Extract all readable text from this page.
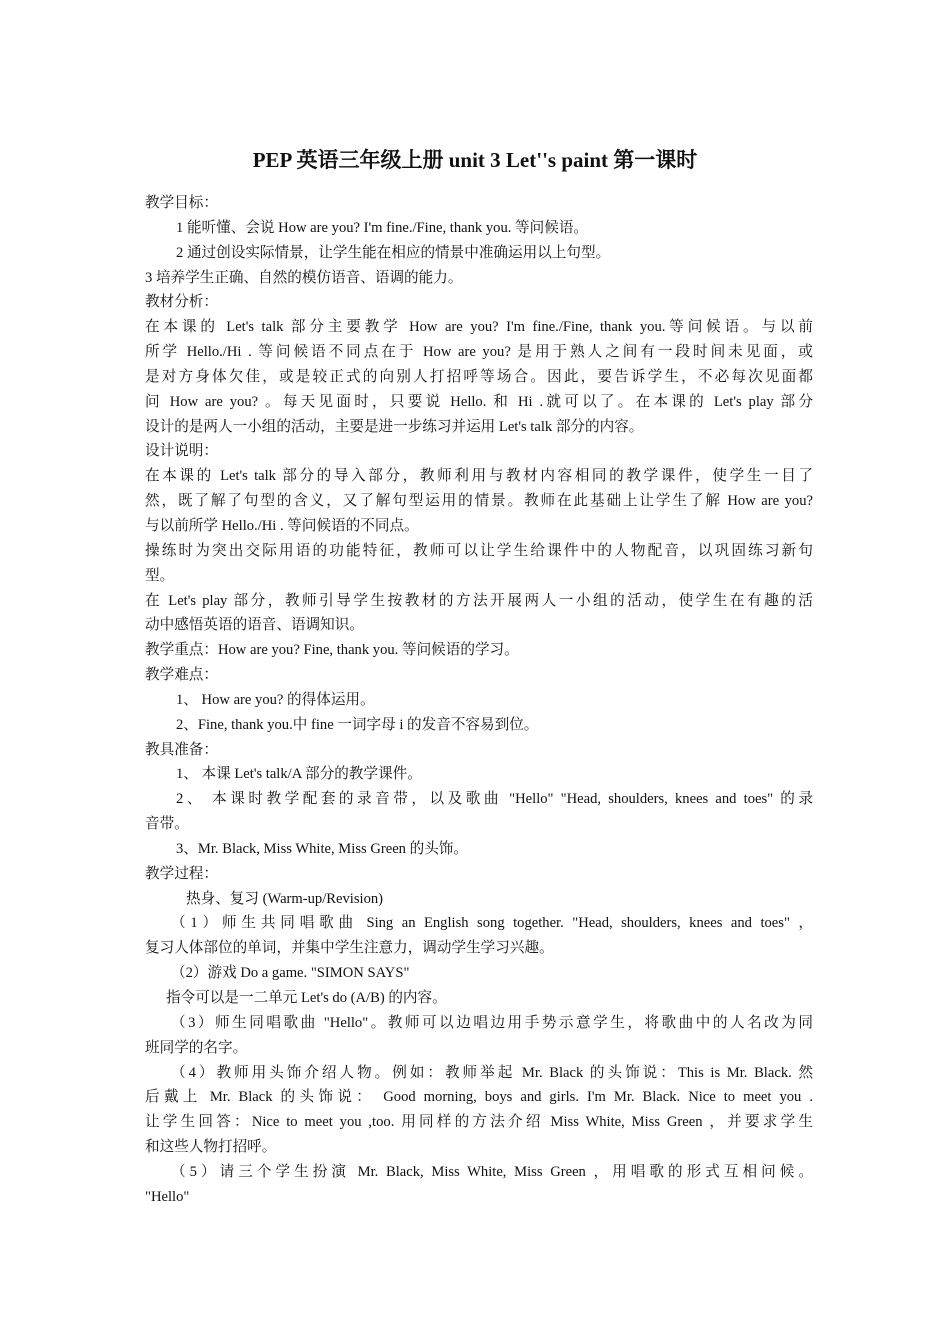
PEP 英语三年级上册 unit 3 Let''s paint 第一课时
教学目标：
1 能听懂、会说 How are you? I'm fine./Fine, thank you. 等问候语。
2 通过创设实际情景，让学生能在相应的情景中准确运用以上句型。
3 培养学生正确、自然的模仿语音、语调的能力。
教材分析：
在本课的 Let's talk 部分主要教学 How are you? I'm fine./Fine, thank you.等问候语。与以前
所学 Hello./Hi . 等问候语不同点在于 How are you? 是用于熟人之间有一段时间未见面，或
是对方身体欠佳，或是较正式的向别人打招呼等场合。因此，要告诉学生，不必每次见面都
问 How are you? 。每天见面时，只要说 Hello. 和 Hi .就可以了。在本课的 Let's play 部分
设计的是两人一小组的活动，主要是进一步练习并运用 Let's talk 部分的内容。
设计说明：
在本课的 Let's talk 部分的导入部分，教师利用与教材内容相同的教学课件，使学生一目了
然，既了解了句型的含义，又了解句型运用的情景。教师在此基础上让学生了解 How are you?
与以前所学 Hello./Hi . 等问候语的不同点。
操练时为突出交际用语的功能特征，教师可以让学生给课件中的人物配音，以巩固练习新句
型。
在 Let's play 部分，教师引导学生按教材的方法开展两人一小组的活动，使学生在有趣的活
动中感悟英语的语音、语调知识。
教学重点：How are you? Fine, thank you. 等问候语的学习。
教学难点：
1、 How are you? 的得体运用。
2、Fine, thank you.中 fine 一词字母 i 的发音不容易到位。
教具准备：
1、 本课 Let's talk/A 部分的教学课件。
2、 本课时教学配套的录音带，以及歌曲 "Hello" "Head, shoulders, knees and toes" 的录
音带。
3、Mr. Black, Miss White, Miss Green 的头饰。
教学过程：
热身、复习 (Warm-up/Revision)
（1）师生共同唱歌曲 Sing an English song together. "Head, shoulders, knees and toes" ，
复习人体部位的单词，并集中学生注意力，调动学生学习兴趣。
（2）游戏 Do a game. "SIMON SAYS"
指令可以是一二单元 Let's do (A/B) 的内容。
（3）师生同唱歌曲 "Hello"。教师可以边唱边用手势示意学生，将歌曲中的人名改为同
班同学的名字。
（4）教师用头饰介绍人物。例如：教师举起 Mr. Black 的头饰说：This is Mr. Black. 然
后戴上 Mr. Black 的头饰说： Good morning, boys and girls. I'm Mr. Black. Nice to meet you .
让学生回答：Nice to meet you ,too. 用同样的方法介绍 Miss White, Miss Green ，并要求学生
和这些人物打招呼。
（5）请三个学生扮演 Mr. Black, Miss White, Miss Green ，用唱歌的形式互相问候。
"Hello"
